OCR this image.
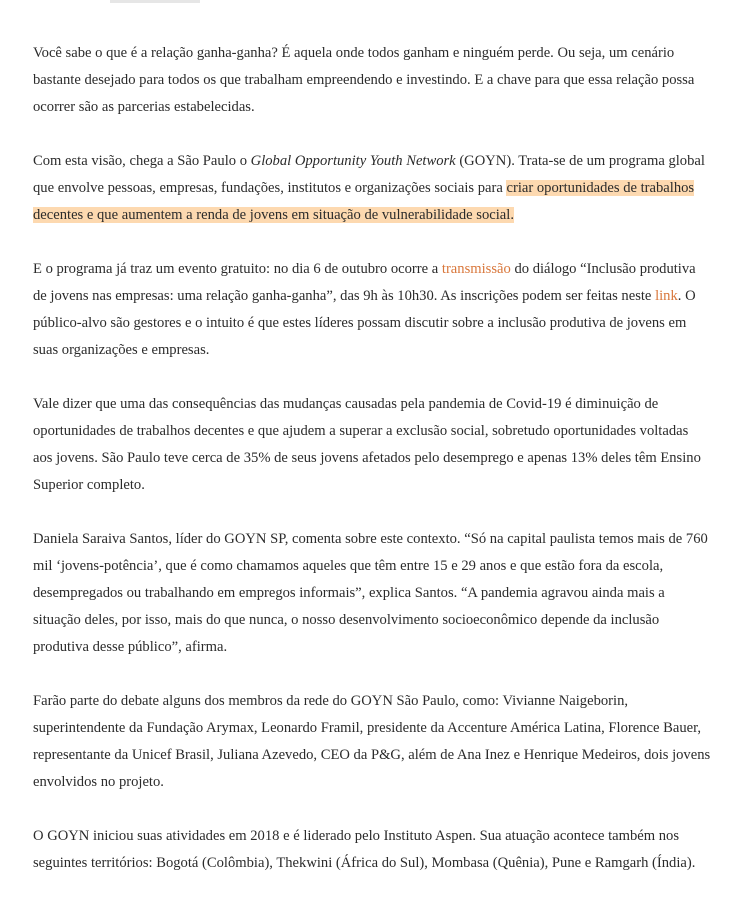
Você sabe o que é a relação ganha-ganha? É aquela onde todos ganham e ninguém perde. Ou seja, um cenário bastante desejado para todos os que trabalham empreendendo e investindo. E a chave para que essa relação possa ocorrer são as parcerias estabelecidas.

Com esta visão, chega a São Paulo o Global Opportunity Youth Network (GOYN). Trata-se de um programa global que envolve pessoas, empresas, fundações, institutos e organizações sociais para criar oportunidades de trabalhos decentes e que aumentem a renda de jovens em situação de vulnerabilidade social.

E o programa já traz um evento gratuito: no dia 6 de outubro ocorre a transmissão do diálogo “Inclusão produtiva de jovens nas empresas: uma relação ganha-ganha”, das 9h às 10h30. As inscrições podem ser feitas neste link. O público-alvo são gestores e o intuito é que estes líderes possam discutir sobre a inclusão produtiva de jovens em suas organizações e empresas.

Vale dizer que uma das consequências das mudanças causadas pela pandemia de Covid-19 é diminuição de oportunidades de trabalhos decentes e que ajudem a superar a exclusão social, sobretudo oportunidades voltadas aos jovens. São Paulo teve cerca de 35% de seus jovens afetados pelo desemprego e apenas 13% deles têm Ensino Superior completo.

Daniela Saraiva Santos, líder do GOYN SP, comenta sobre este contexto. “Só na capital paulista temos mais de 760 mil ‘jovens-potência’, que é como chamamos aqueles que têm entre 15 e 29 anos e que estão fora da escola, desempregados ou trabalhando em empregos informais”, explica Santos. “A pandemia agravou ainda mais a situação deles, por isso, mais do que nunca, o nosso desenvolvimento socioeconômico depende da inclusão produtiva desse público”, afirma.

Farão parte do debate alguns dos membros da rede do GOYN São Paulo, como: Vivianne Naigeborin, superintendente da Fundação Arymax, Leonardo Framil, presidente da Accenture América Latina, Florence Bauer, representante da Unicef Brasil, Juliana Azevedo, CEO da P&G, além de Ana Inez e Henrique Medeiros, dois jovens envolvidos no projeto.

O GOYN iniciou suas atividades em 2018 e é liderado pelo Instituto Aspen. Sua atuação acontece também nos seguintes territórios: Bogotá (Colômbia), Thekwini (África do Sul), Mombasa (Quênia), Pune e Ramgarh (Índia).
